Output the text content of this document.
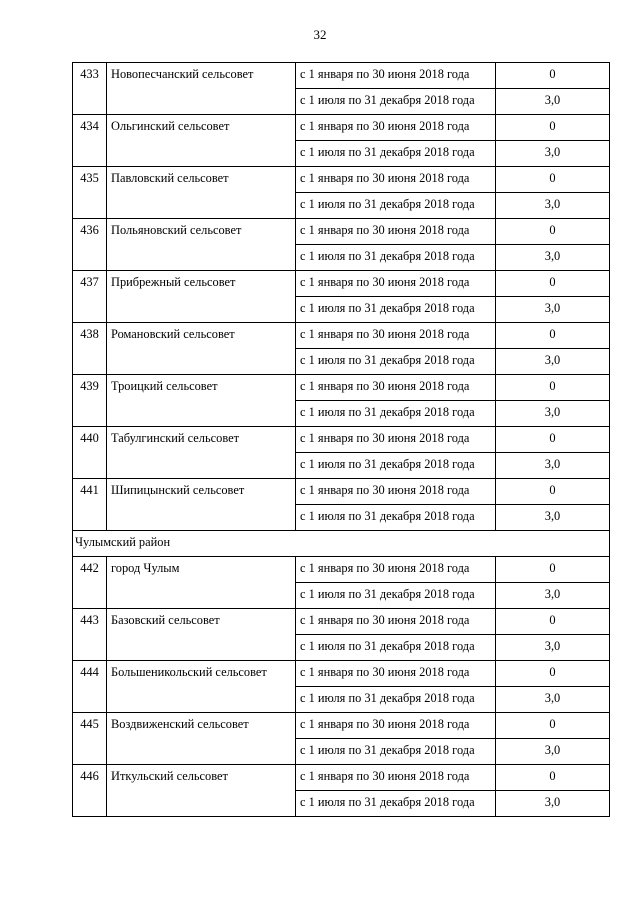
32
433	Новопесчанский сельсовет	с 1 января по 30 июня 2018 года	0
		с 1 июля по 31 декабря 2018 года	3,0
434	Ольгинский сельсовет	с 1 января по 30 июня 2018 года	0
		с 1 июля по 31 декабря 2018 года	3,0
435	Павловский сельсовет	с 1 января по 30 июня 2018 года	0
		с 1 июля по 31 декабря 2018 года	3,0
436	Польяновский сельсовет	с 1 января по 30 июня 2018 года	0
		с 1 июля по 31 декабря 2018 года	3,0
437	Прибрежный сельсовет	с 1 января по 30 июня 2018 года	0
		с 1 июля по 31 декабря 2018 года	3,0
438	Романовский сельсовет	с 1 января по 30 июня 2018 года	0
		с 1 июля по 31 декабря 2018 года	3,0
439	Троицкий сельсовет	с 1 января по 30 июня 2018 года	0
		с 1 июля по 31 декабря 2018 года	3,0
440	Табулгинский сельсовет	с 1 января по 30 июня 2018 года	0
		с 1 июля по 31 декабря 2018 года	3,0
441	Шипицынский сельсовет	с 1 января по 30 июня 2018 года	0
		с 1 июля по 31 декабря 2018 года	3,0
Чулымский район			
442	город Чулым	с 1 января по 30 июня 2018 года	0
		с 1 июля по 31 декабря 2018 года	3,0
443	Базовский сельсовет	с 1 января по 30 июня 2018 года	0
		с 1 июля по 31 декабря 2018 года	3,0
444	Большеникольский сельсовет	с 1 января по 30 июня 2018 года	0
		с 1 июля по 31 декабря 2018 года	3,0
445	Воздвиженский сельсовет	с 1 января по 30 июня 2018 года	0
		с 1 июля по 31 декабря 2018 года	3,0
446	Иткульский сельсовет	с 1 января по 30 июня 2018 года	0
		с 1 июля по 31 декабря 2018 года	3,0
